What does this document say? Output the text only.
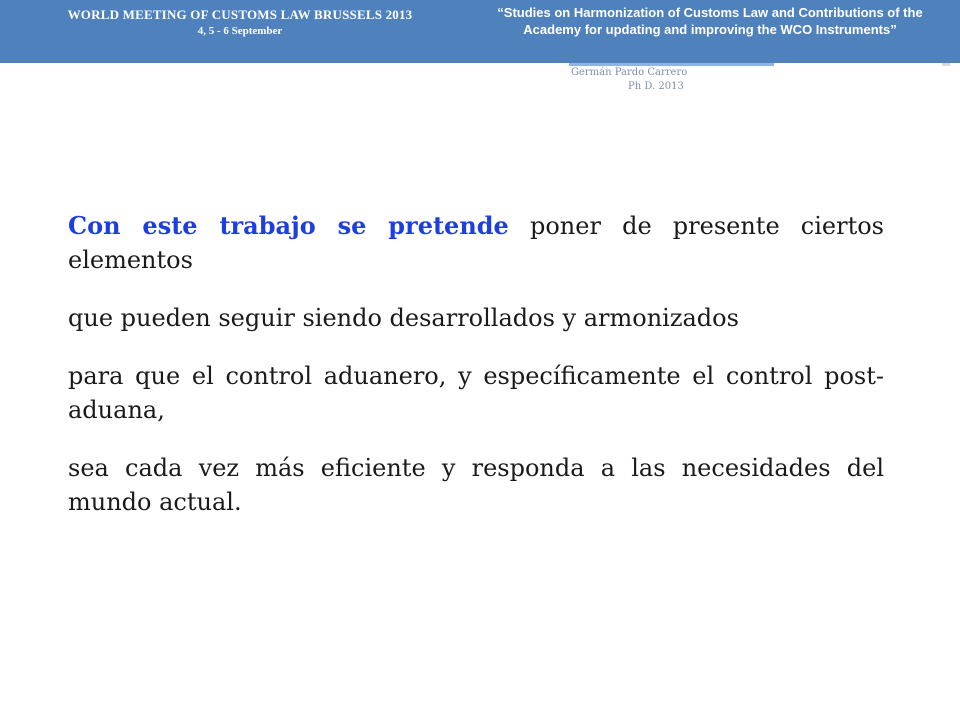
WORLD MEETING OF CUSTOMS LAW BRUSSELS 2013
4, 5 - 6 September
“Studies on Harmonization of Customs Law and Contributions of the Academy for updating and improving the WCO Instruments”
tete
Germán Pardo Carrero
Ph D. 2013

Con este trabajo se pretende poner de presente ciertos elementos

que pueden seguir siendo desarrollados y armonizados

para que el control aduanero, y específicamente el control post-aduana,

sea cada vez más eficiente y responda a las necesidades del mundo actual.
